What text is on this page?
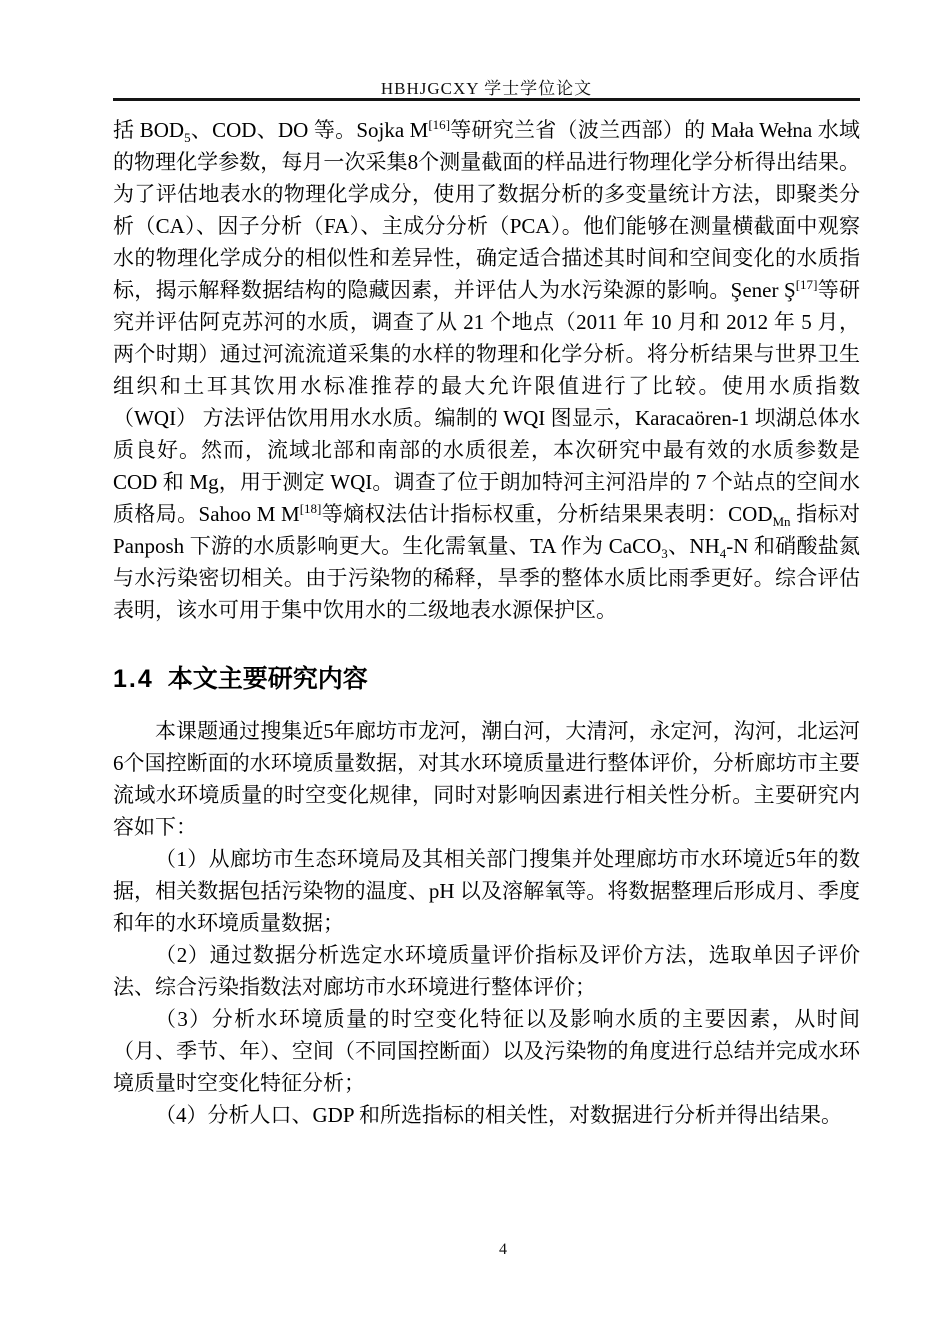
HBHJGCXY 学士学位论文

括 $BOD_5$、COD、DO 等。Sojka M[16]等研究兰省（波兰西部）的 Mała Wełna 水域的物理化学参数，每月一次采集8个测量截面的样品进行物理化学分析得出结果。为了评估地表水的物理化学成分，使用了数据分析的多变量统计方法，即聚类分析（CA）、因子分析（FA）、主成分分析（PCA）。他们能够在测量横截面中观察水的物理化学成分的相似性和差异性，确定适合描述其时间和空间变化的水质指标，揭示解释数据结构的隐藏因素，并评估人为水污染源的影响。Şener Ş[17]等研究并评估阿克苏河的水质，调查了从 21 个地点（2011 年 10 月和 2012 年 5 月，两个时期）通过河流流道采集的水样的物理和化学分析。将分析结果与世界卫生组织和土耳其饮用水标准推荐的最大允许限值进行了比较。使用水质指数 （WQI） 方法评估饮用用水水质。编制的 WQI 图显示，Karacaören-1 坝湖总体水质良好。然而，流域北部和南部的水质很差，本次研究中最有效的水质参数是 COD 和 Mg，用于测定 WQI。调查了位于朗加特河主河沿岸的 7 个站点的空间水质格局。Sahoo M M[18]等熵权法估计指标权重，分析结果果表明：$COD_{Mn}$ 指标对 Panposh 下游的水质影响更大。生化需氧量、TA 作为 CaCO$_3$、$NH_4-N$ 和硝酸盐氮与水污染密切相关。由于污染物的稀释，旱季的整体水质比雨季更好。综合评估表明，该水可用于集中饮用水的二级地表水源保护区。

1.4 本文主要研究内容

本课题通过搜集近5年廊坊市龙河，潮白河，大清河，永定河，沟河，北运河6个国控断面的水环境质量数据，对其水环境质量进行整体评价，分析廊坊市主要流域水环境质量的时空变化规律，同时对影响因素进行相关性分析。主要研究内容如下：

（1）从廊坊市生态环境局及其相关部门搜集并处理廊坊市水环境近5年的数据，相关数据包括污染物的温度、pH 以及溶解氧等。将数据整理后形成月、季度和年的水环境质量数据；

（2）通过数据分析选定水环境质量评价指标及评价方法，选取单因子评价法、综合污染指数法对廊坊市水环境进行整体评价；

（3）分析水环境质量的时空变化特征以及影响水质的主要因素，从时间（月、季节、年）、空间（不同国控断面）以及污染物的角度进行总结并完成水环境质量时空变化特征分析；

（4）分析人口、GDP 和所选指标的相关性，对数据进行分析并得出结果。

4
